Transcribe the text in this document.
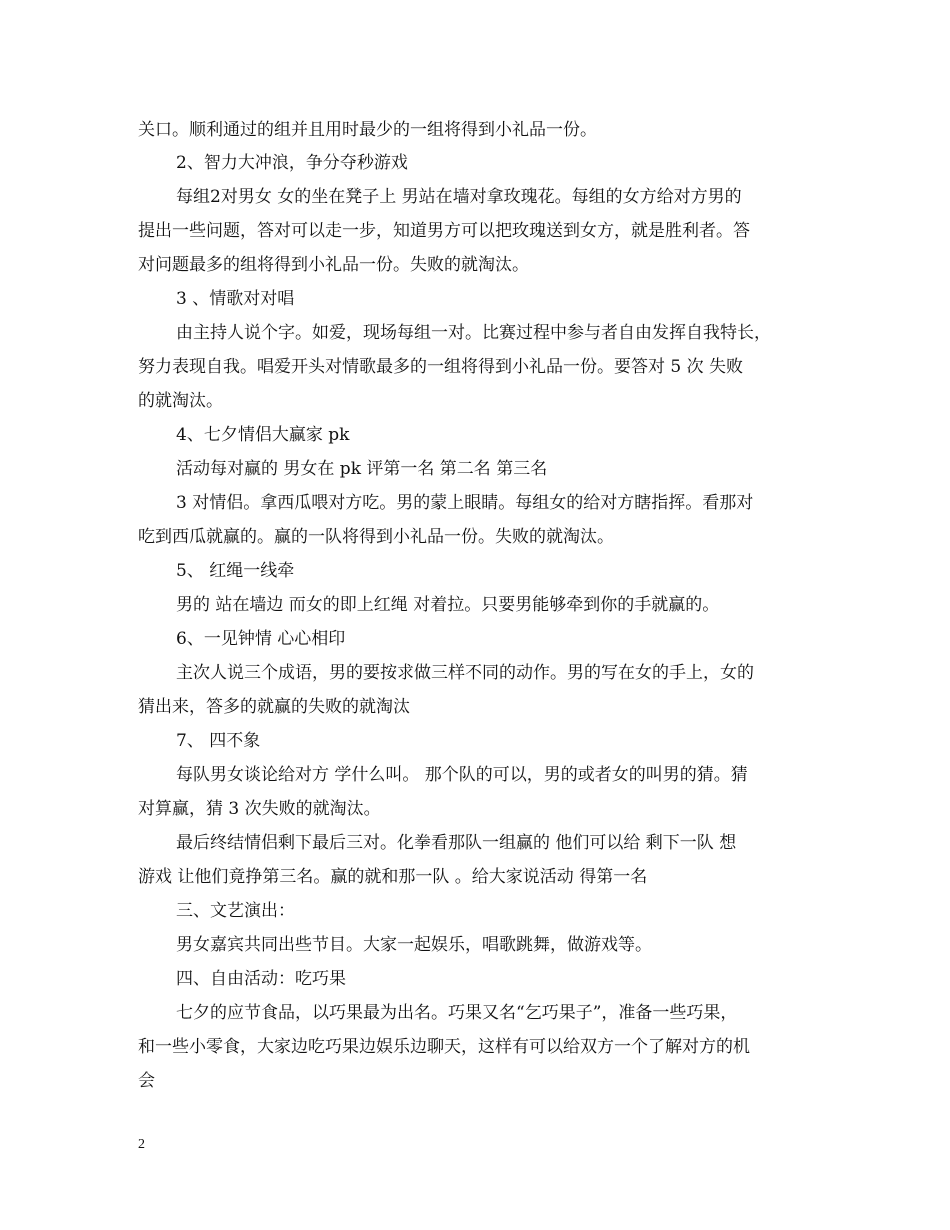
关口。顺利通过的组并且用时最少的一组将得到小礼品一份。
2、智力大冲浪，争分夺秒游戏
每组2对男女 女的坐在凳子上 男站在墙对拿玫瑰花。每组的女方给对方男的
提出一些问题，答对可以走一步，知道男方可以把玫瑰送到女方，就是胜利者。答
对问题最多的组将得到小礼品一份。失败的就淘汰。
3 、情歌对对唱
由主持人说个字。如爱，现场每组一对。比赛过程中参与者自由发挥自我特长，
努力表现自我。唱爱开头对情歌最多的一组将得到小礼品一份。要答对 5 次 失败
的就淘汰。
4、七夕情侣大赢家 pk
活动每对赢的 男女在 pk 评第一名 第二名 第三名
3 对情侣。拿西瓜喂对方吃。男的蒙上眼睛。每组女的给对方瞎指挥。看那对
吃到西瓜就赢的。赢的一队将得到小礼品一份。失败的就淘汰。
5、 红绳一线牵
男的 站在墙边 而女的即上红绳 对着拉。只要男能够牵到你的手就赢的。
6、一见钟情 心心相印
主次人说三个成语，男的要按求做三样不同的动作。男的写在女的手上，女的
猜出来，答多的就赢的失败的就淘汰
7、 四不象
每队男女谈论给对方 学什么叫。 那个队的可以，男的或者女的叫男的猜。猜
对算赢，猜 3 次失败的就淘汰。
最后终结情侣剩下最后三对。化拳看那队一组赢的 他们可以给 剩下一队 想
游戏 让他们竟挣第三名。赢的就和那一队 。给大家说活动 得第一名
三、文艺演出：
男女嘉宾共同出些节目。大家一起娱乐，唱歌跳舞，做游戏等。
四、自由活动：吃巧果
七夕的应节食品，以巧果最为出名。巧果又名“乞巧果子”，准备一些巧果，
和一些小零食，大家边吃巧果边娱乐边聊天，这样有可以给双方一个了解对方的机
会
2
